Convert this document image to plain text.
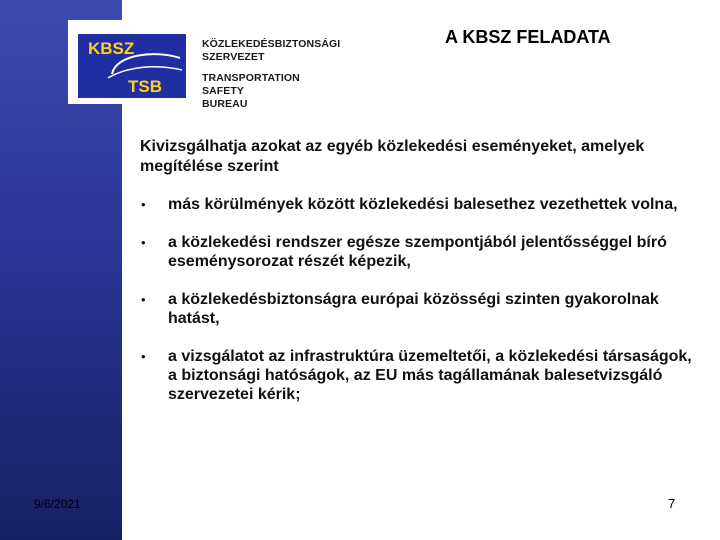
KBSZ
TSB
KÖZLEKEDÉSBIZTONSÁGI
SZERVEZET
TRANSPORTATION SAFETY
BUREAU
A KBSZ FELADATA
Kivizsgálhatja azokat az egyéb közlekedési eseményeket, amelyek megítélése szerint
• más körülmények között közlekedési balesethez vezethettek volna,
• a közlekedési rendszer egésze szempontjából jelentősséggel bíró eseménysorozat részét képezik,
• a közlekedésbiztonságra európai közösségi szinten gyakorolnak hatást,
• a vizsgálatot az infrastruktúra üzemeltetői, a közlekedési társaságok, a biztonsági hatóságok, az EU más tagállamának balesetvizsgáló szervezetei kérik;
9/6/2021	7
